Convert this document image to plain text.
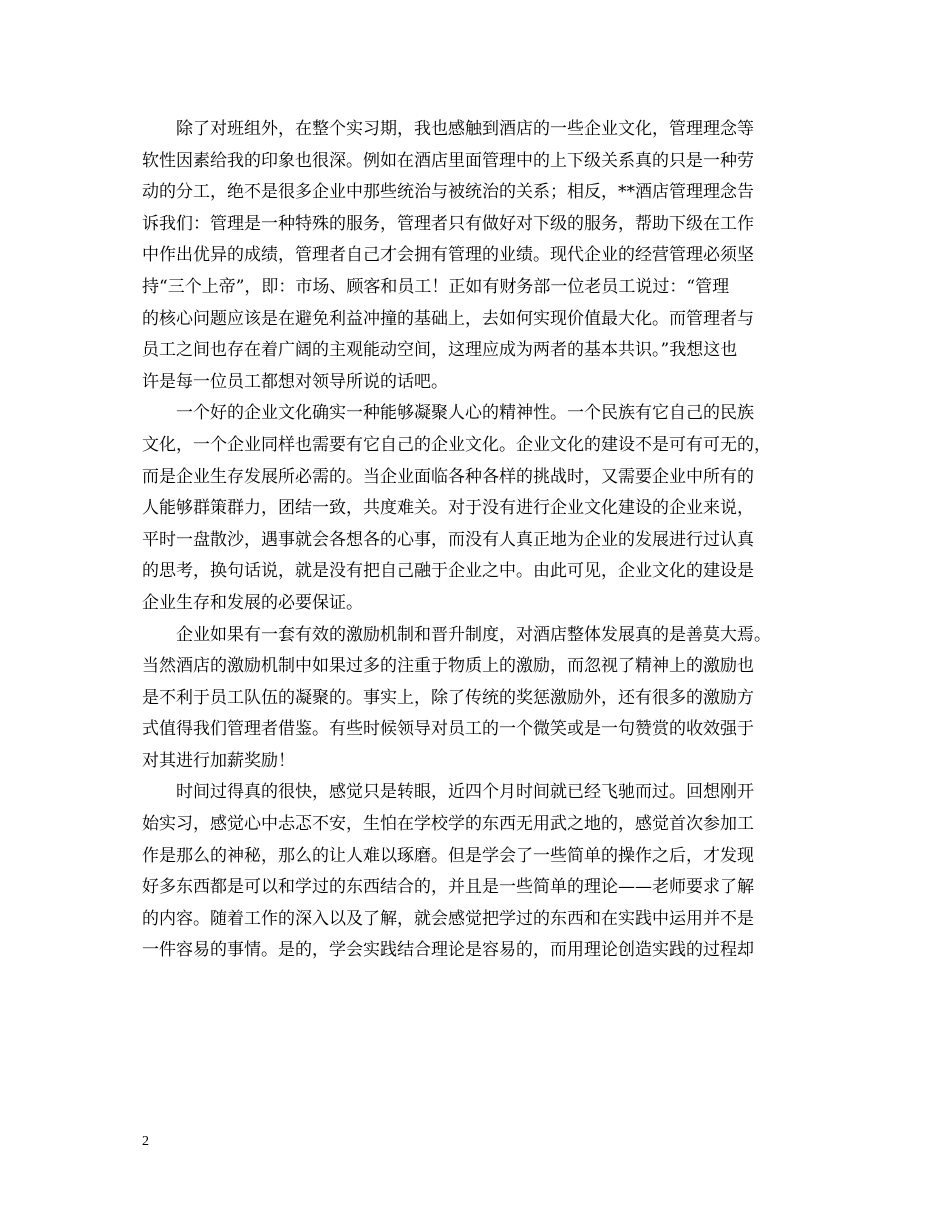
除了对班组外，在整个实习期，我也感触到酒店的一些企业文化，管理理念等
软性因素给我的印象也很深。例如在酒店里面管理中的上下级关系真的只是一种劳
动的分工，绝不是很多企业中那些统治与被统治的关系；相反，**酒店管理理念告
诉我们：管理是一种特殊的服务，管理者只有做好对下级的服务，帮助下级在工作
中作出优异的成绩，管理者自己才会拥有管理的业绩。现代企业的经营管理必须坚
持“三个上帝”，即：市场、顾客和员工！正如有财务部一位老员工说过：“管理
的核心问题应该是在避免利益冲撞的基础上，去如何实现价值最大化。而管理者与
员工之间也存在着广阔的主观能动空间，这理应成为两者的基本共识。”我想这也
许是每一位员工都想对领导所说的话吧。
一个好的企业文化确实一种能够凝聚人心的精神性。一个民族有它自己的民族
文化，一个企业同样也需要有它自己的企业文化。企业文化的建设不是可有可无的，
而是企业生存发展所必需的。当企业面临各种各样的挑战时，又需要企业中所有的
人能够群策群力，团结一致，共度难关。对于没有进行企业文化建设的企业来说，
平时一盘散沙，遇事就会各想各的心事，而没有人真正地为企业的发展进行过认真
的思考，换句话说，就是没有把自己融于企业之中。由此可见，企业文化的建设是
企业生存和发展的必要保证。
企业如果有一套有效的激励机制和晋升制度，对酒店整体发展真的是善莫大焉。
当然酒店的激励机制中如果过多的注重于物质上的激励，而忽视了精神上的激励也
是不利于员工队伍的凝聚的。事实上，除了传统的奖惩激励外，还有很多的激励方
式值得我们管理者借鉴。有些时候领导对员工的一个微笑或是一句赞赏的收效强于
对其进行加薪奖励！
时间过得真的很快，感觉只是转眼，近四个月时间就已经飞驰而过。回想刚开
始实习，感觉心中忐忑不安，生怕在学校学的东西无用武之地的，感觉首次参加工
作是那么的神秘，那么的让人难以琢磨。但是学会了一些简单的操作之后，才发现
好多东西都是可以和学过的东西结合的，并且是一些简单的理论——老师要求了解
的内容。随着工作的深入以及了解，就会感觉把学过的东西和在实践中运用并不是
一件容易的事情。是的，学会实践结合理论是容易的，而用理论创造实践的过程却
2
